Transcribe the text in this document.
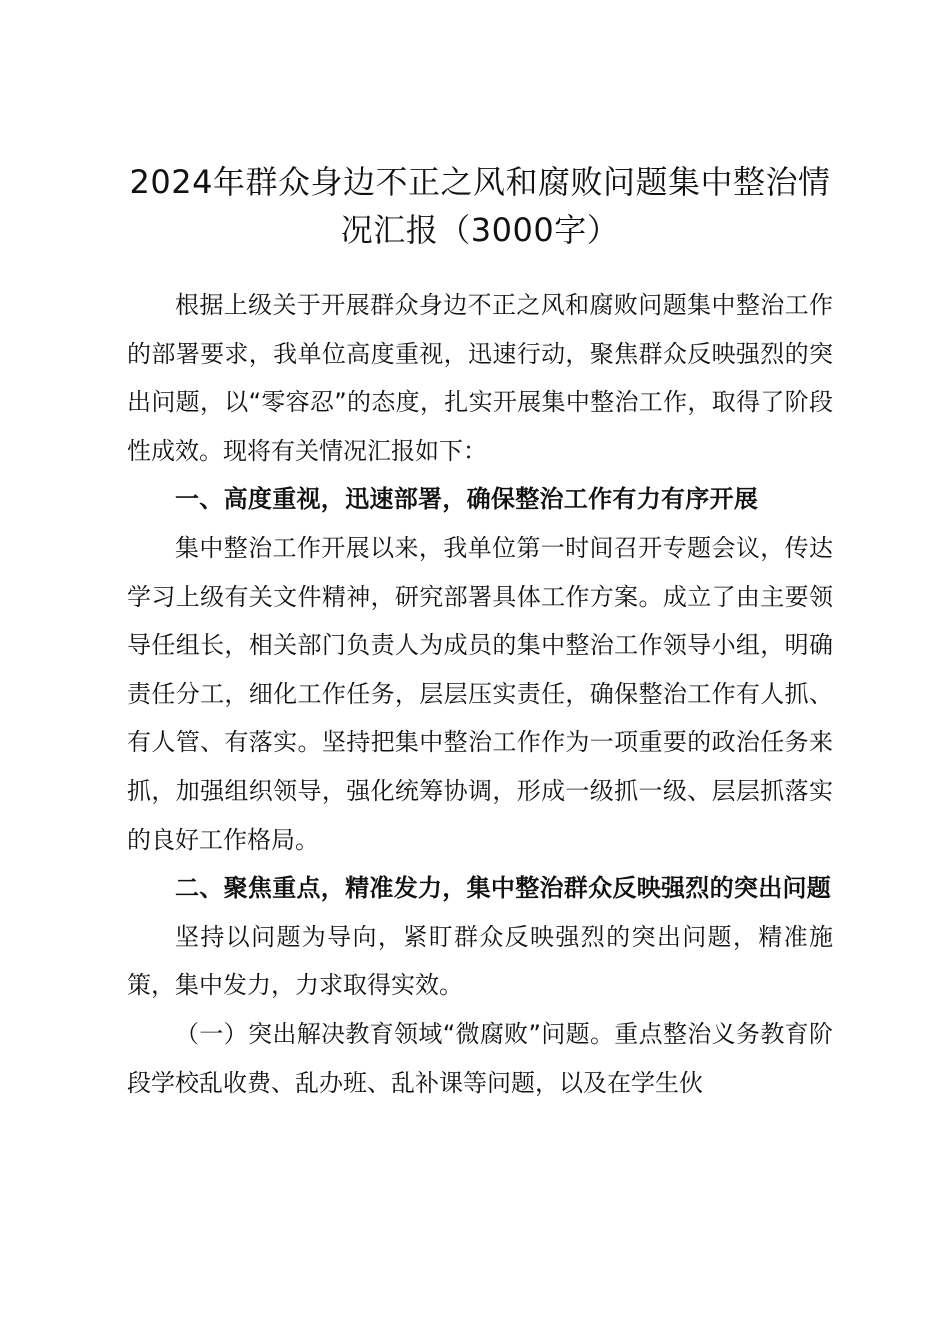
2024年群众身边不正之风和腐败问题集中整治情况汇报（3000字）

根据上级关于开展群众身边不正之风和腐败问题集中整治工作的部署要求，我单位高度重视，迅速行动，聚焦群众反映强烈的突出问题，以“零容忍”的态度，扎实开展集中整治工作，取得了阶段性成效。现将有关情况汇报如下：

一、高度重视，迅速部署，确保整治工作有力有序开展

集中整治工作开展以来，我单位第一时间召开专题会议，传达学习上级有关文件精神，研究部署具体工作方案。成立了由主要领导任组长，相关部门负责人为成员的集中整治工作领导小组，明确责任分工，细化工作任务，层层压实责任，确保整治工作有人抓、有人管、有落实。坚持把集中整治工作作为一项重要的政治任务来抓，加强组织领导，强化统筹协调，形成一级抓一级、层层抓落实的良好工作格局。

二、聚焦重点，精准发力，集中整治群众反映强烈的突出问题

坚持以问题为导向，紧盯群众反映强烈的突出问题，精准施策，集中发力，力求取得实效。

（一）突出解决教育领域“微腐败”问题。重点整治义务教育阶段学校乱收费、乱办班、乱补课等问题，以及在学生伙
